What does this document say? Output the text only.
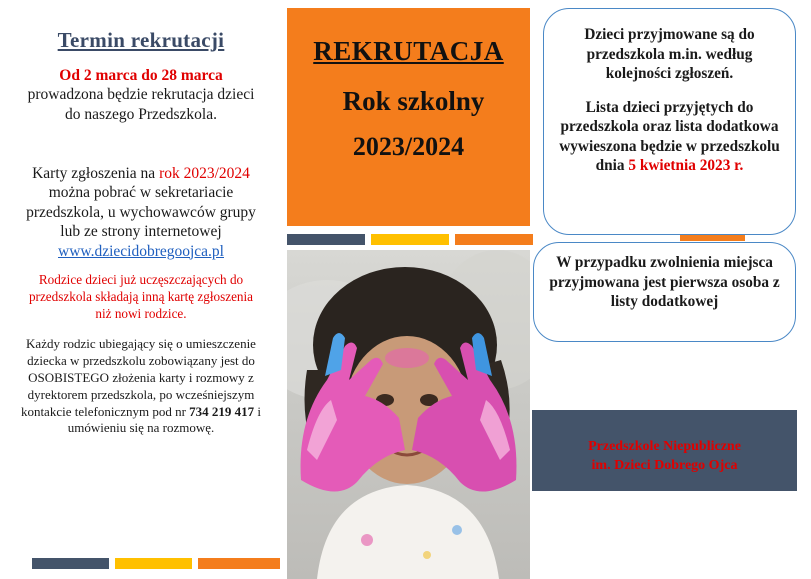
Termin rekrutacji
Od 2 marca do 28 marca
prowadzona będzie rekrutacja dzieci do naszego Przedszkola.
Karty zgłoszenia na rok 2023/2024 można pobrać w sekretariacie przedszkola, u wychowawców grupy lub ze strony internetowej
www.dziecidobregoojca.pl
Rodzice dzieci już uczęszczających do przedszkola składają inną kartę zgłoszenia niż nowi rodzice.
Każdy rodzic ubiegający się o umieszczenie dziecka w przedszkolu zobowiązany jest do OSOBISTEGO złożenia karty i rozmowy z dyrektorem przedszkola, po wcześniejszym kontakcie telefonicznym pod nr 734 219 417 i umówieniu się na rozmowę.
REKRUTACJA
Rok szkolny
2023/2024

Dzieci przyjmowane są do przedszkola m.in. według kolejności zgłoszeń.

Lista dzieci przyjętych do przedszkola oraz lista dodatkowa wywieszona będzie w przedszkolu dnia 5 kwietnia 2023 r.

W przypadku zwolnienia miejsca przyjmowana jest pierwsza osoba z listy dodatkowej

Przedszkole Niepubliczne
im. Dzieci Dobrego Ojca
